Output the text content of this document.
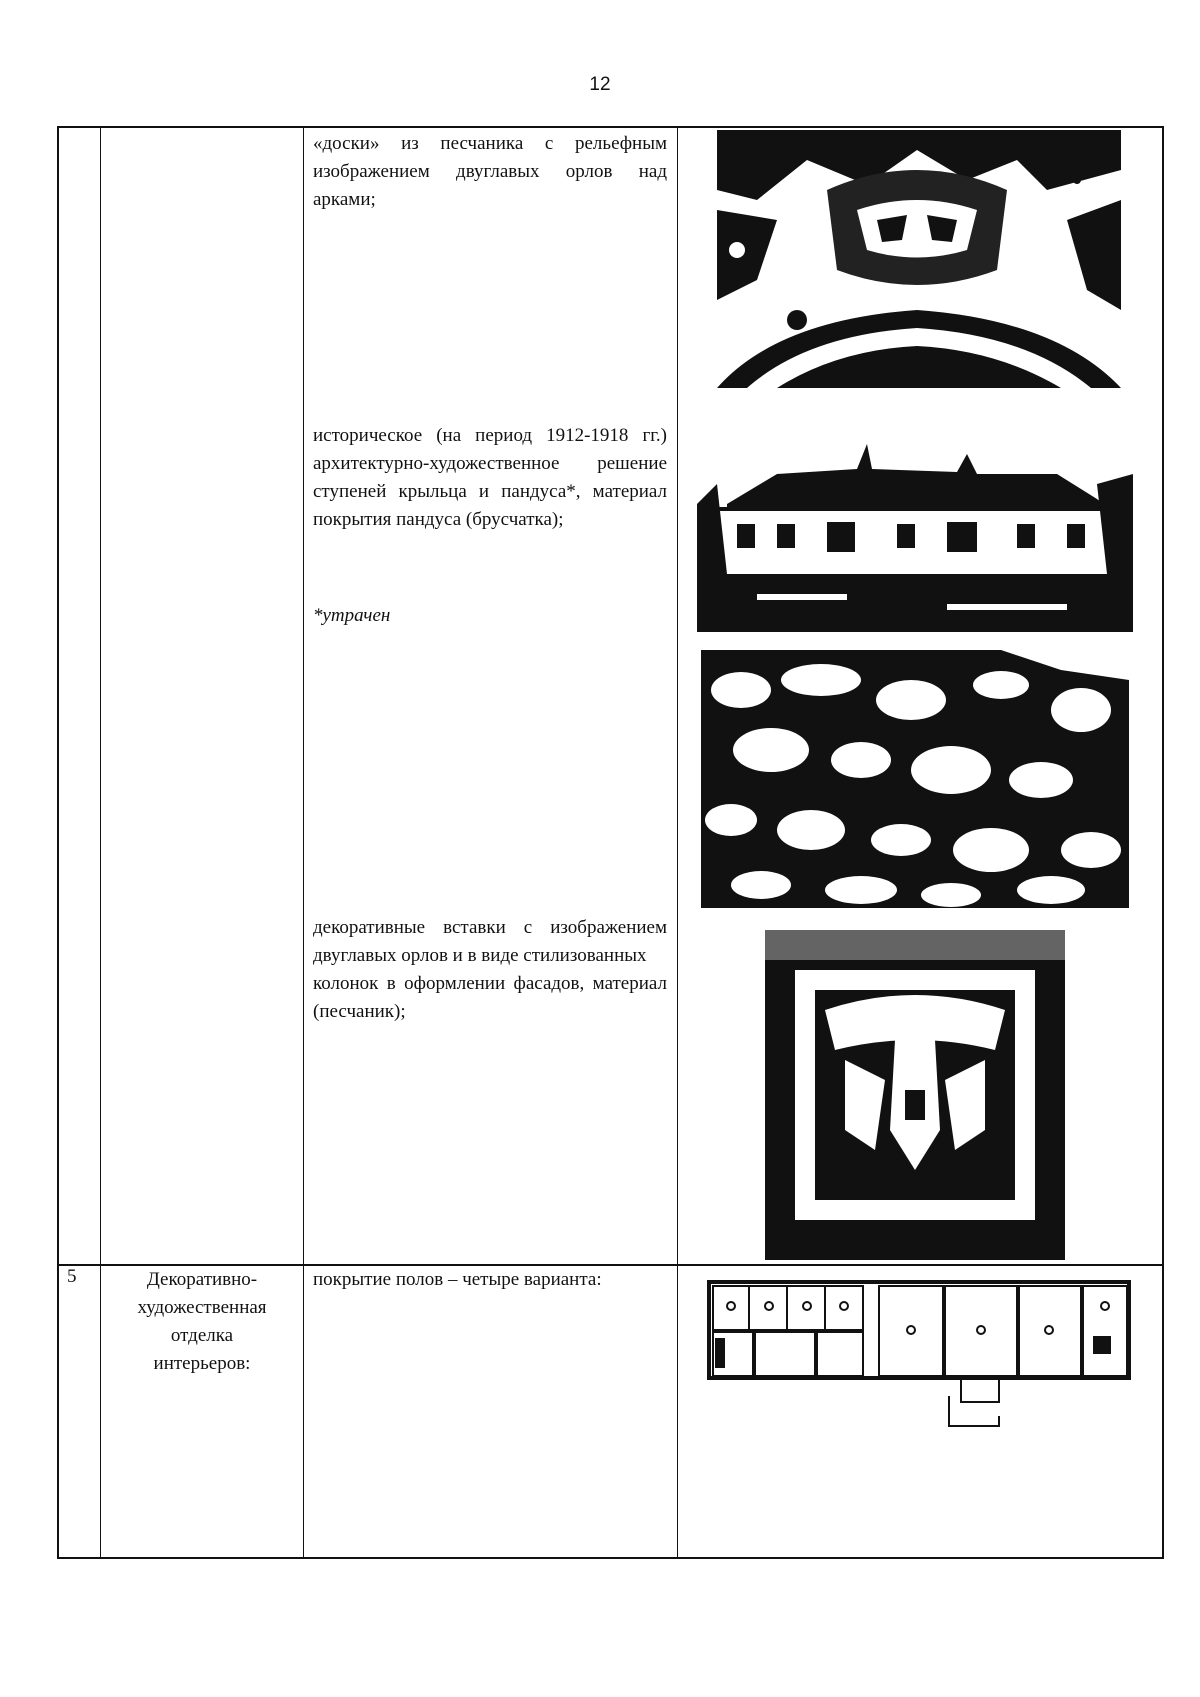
12
«доски» из песчаника с рельефным изображением двуглавых орлов над арками;
историческое (на период 1912-1918 гг.) архитектурно-художественное решение ступеней крыльца и пандуса*, материал покрытия пандуса (брусчатка);
*утрачен
декоративные вставки с изображением двуглавых орлов и в виде стилизованных
колонок в оформлении фасадов, материал (песчаник);
5	Декоративно-
художественная
отделка
интерьеров:
покрытие полов – четыре варианта:
